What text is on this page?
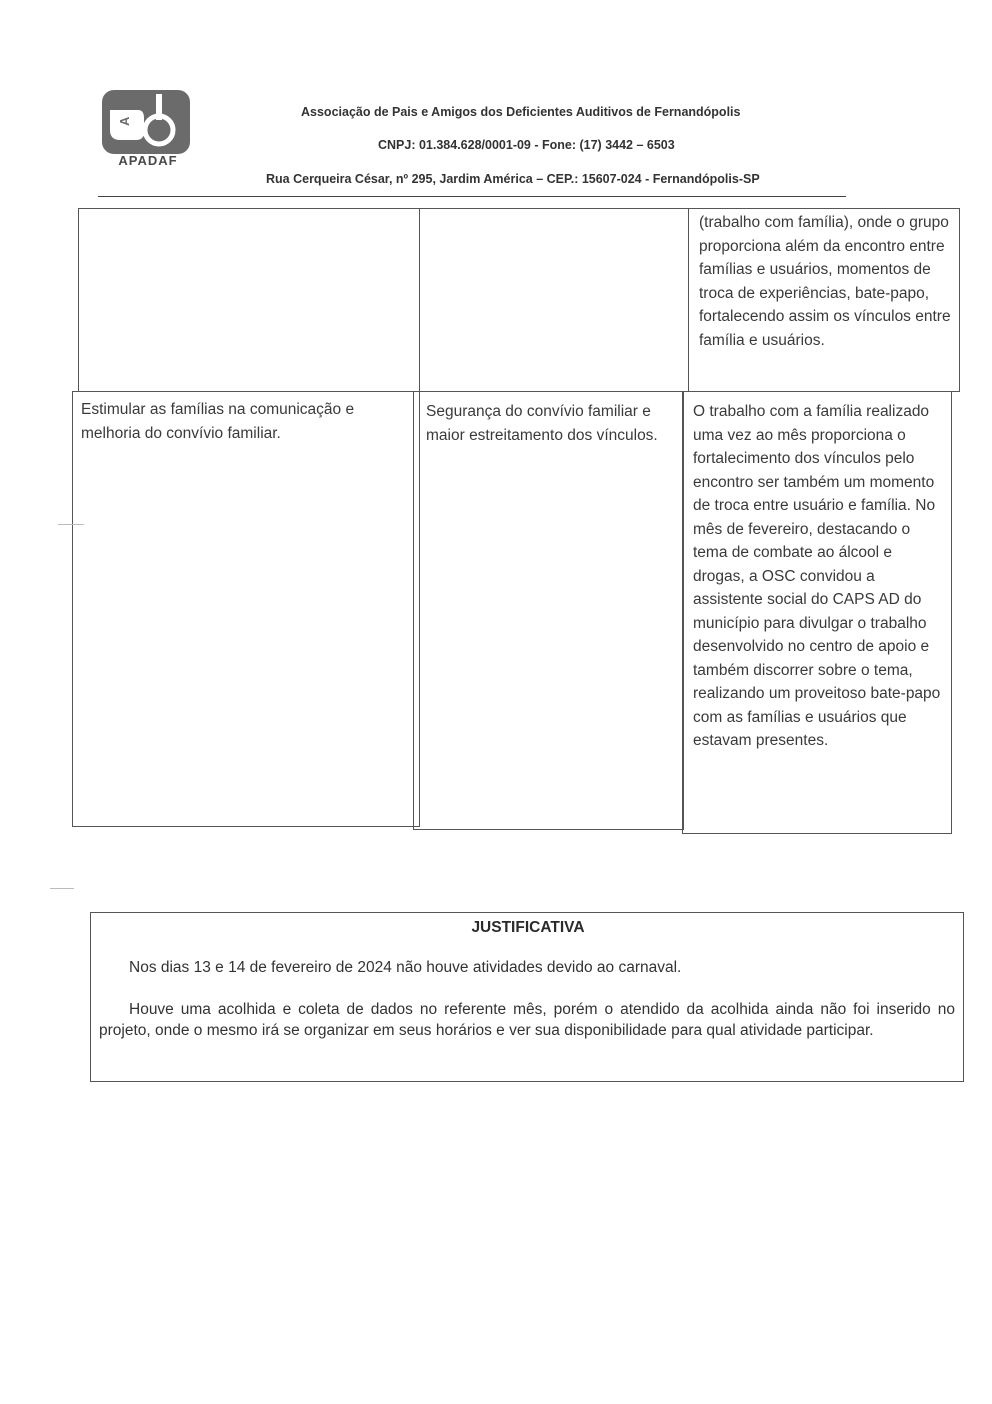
A
APADAF
Associação de Pais e Amigos dos Deficientes Auditivos de Fernandópolis
CNPJ: 01.384.628/0001-09 - Fone: (17) 3442 – 6503
Rua Cerqueira César, nº 295, Jardim América – CEP.: 15607-024 - Fernandópolis-SP

(trabalho com família), onde o grupo proporciona além da encontro entre famílias e usuários, momentos de troca de experiências, bate-papo, fortalecendo assim os vínculos entre família e usuários.

Estimular as famílias na comunicação e melhoria do convívio familiar.

Segurança do convívio familiar e maior estreitamento dos vínculos.

O trabalho com a família realizado uma vez ao mês proporciona o fortalecimento dos vínculos pelo encontro ser também um momento de troca entre usuário e família. No mês de fevereiro, destacando o tema de combate ao álcool e drogas, a OSC convidou a assistente social do CAPS AD do município para divulgar o trabalho desenvolvido no centro de apoio e também discorrer sobre o tema, realizando um proveitoso bate-papo com as famílias e usuários que estavam presentes.

JUSTIFICATIVA
Nos dias 13 e 14 de fevereiro de 2024 não houve atividades devido ao carnaval.
Houve uma acolhida e coleta de dados no referente mês, porém o atendido da acolhida ainda não foi inserido no projeto, onde o mesmo irá se organizar em seus horários e ver sua disponibilidade para qual atividade participar.
